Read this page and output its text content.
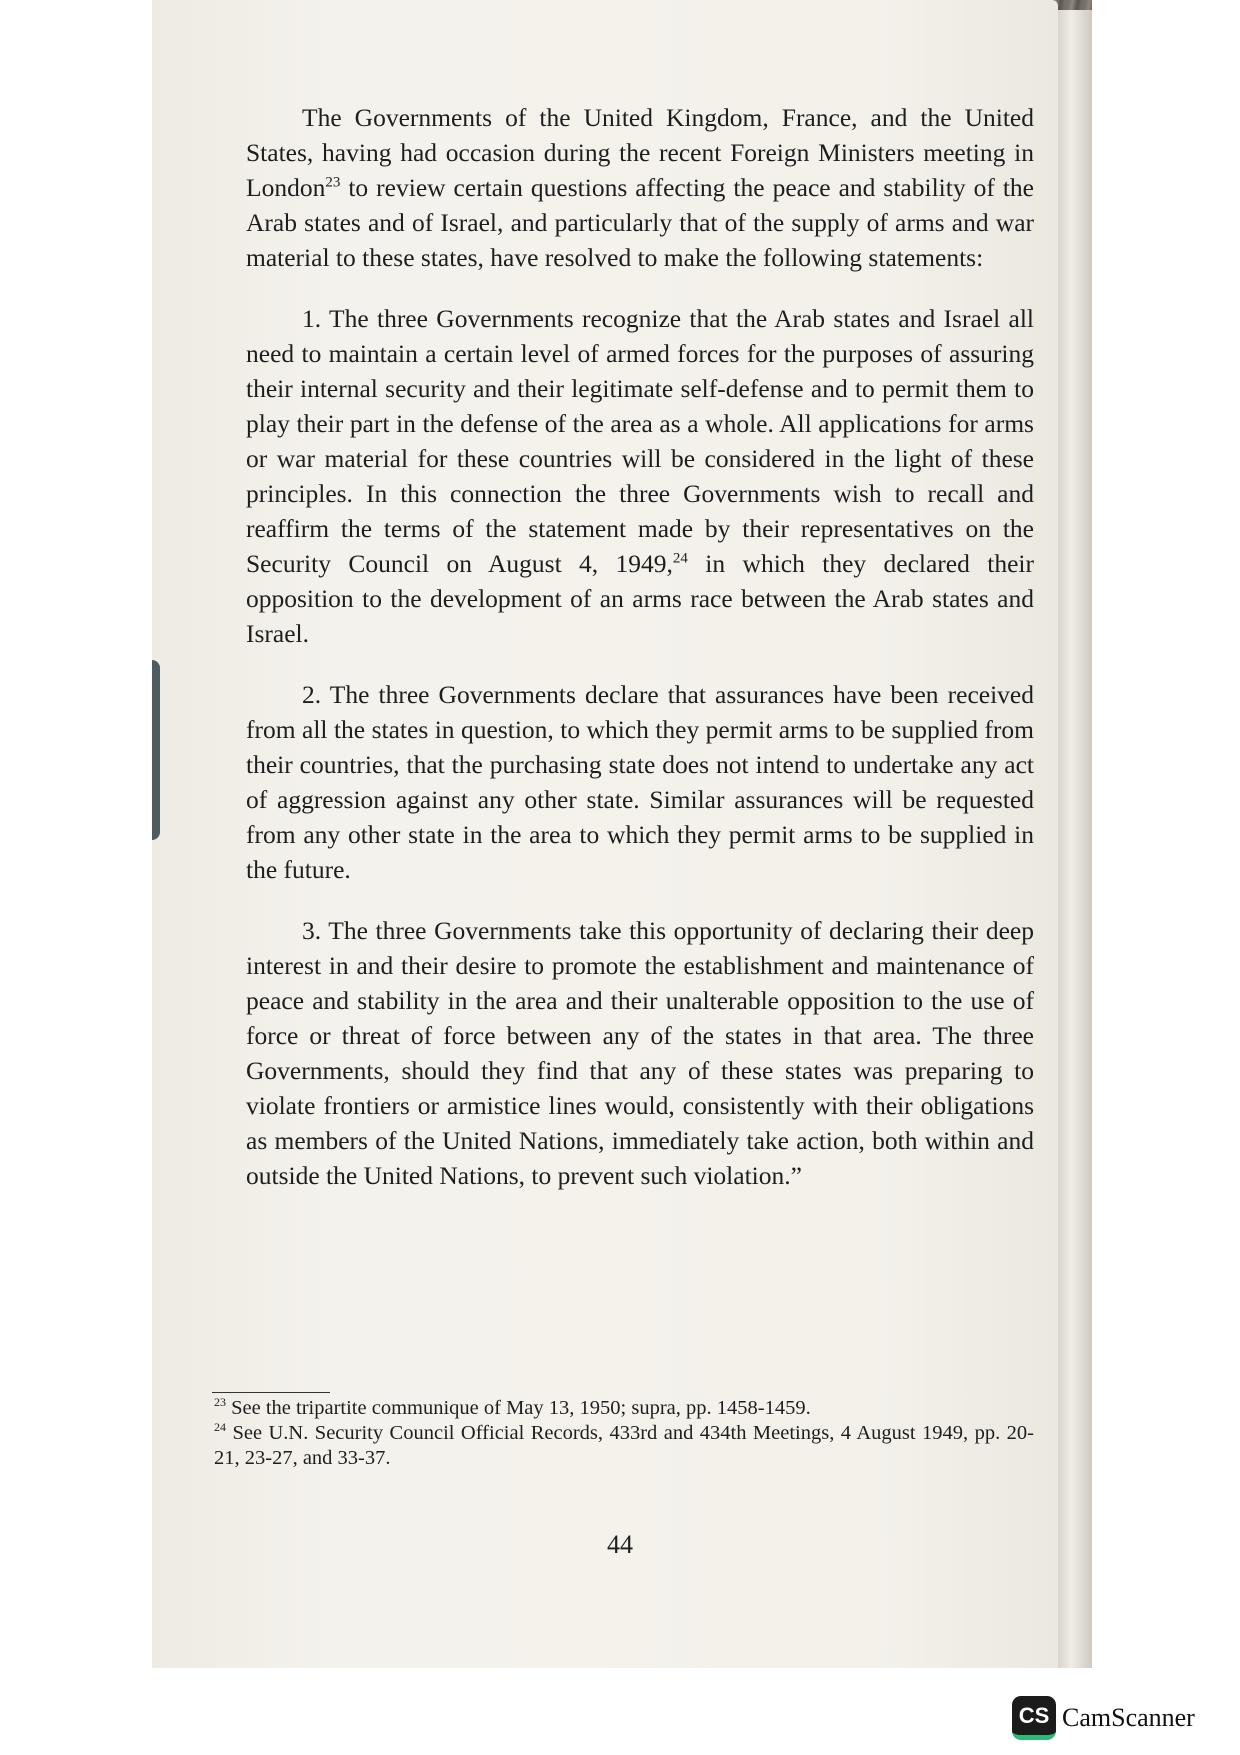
The Governments of the United Kingdom, France, and the United States, having had occasion during the recent Foreign Ministers meeting in London$^{23}$ to review certain questions affecting the peace and stability of the Arab states and of Israel, and particularly that of the supply of arms and war material to these states, have resolved to make the following statements:

1. The three Governments recognize that the Arab states and Israel all need to maintain a certain level of armed forces for the purposes of assuring their internal security and their legitimate self-defense and to permit them to play their part in the defense of the area as a whole. All applications for arms or war material for these countries will be considered in the light of these principles. In this connection the three Governments wish to recall and reaffirm the terms of the statement made by their representatives on the Security Council on August 4, 1949,24 in which they declared their opposition to the development of an arms race between the Arab states and Israel.

2. The three Governments declare that assurances have been received from all the states in question, to which they permit arms to be supplied from their countries, that the purchasing state does not intend to undertake any act of aggression against any other state. Similar assurances will be requested from any other state in the area to which they permit arms to be supplied in the future.

3. The three Governments take this opportunity of declaring their deep interest in and their desire to promote the establishment and maintenance of peace and stability in the area and their unalterable opposition to the use of force or threat of force between any of the states in that area. The three Governments, should they find that any of these states was preparing to violate frontiers or armistice lines would, consistently with their obligations as members of the United Nations, immediately take action, both within and outside the United Nations, to prevent such violation.”

$^{23}$ See the tripartite communique of May 13, 1950; supra, pp. 1458-1459.

$^{24}$ See U.N. Security Council Official Records, 433rd and 434th Meetings, 4 August 1949, pp. 20-21, 23-27, and 33-37.

44
CS CamScanner
